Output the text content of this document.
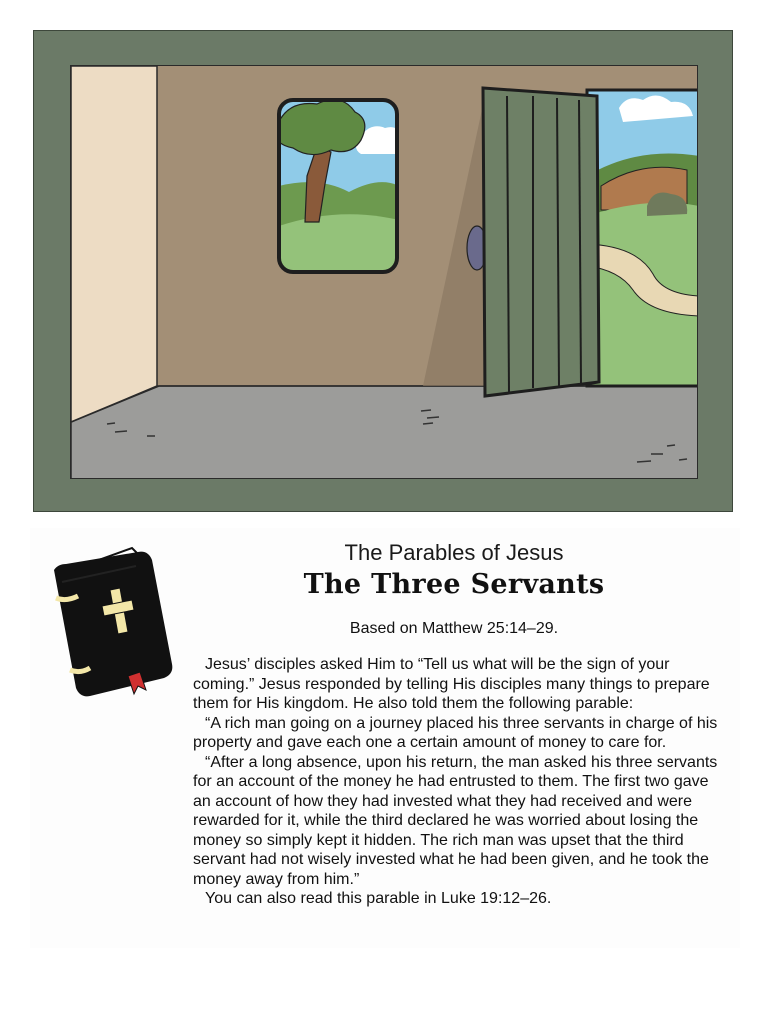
The Parables of Jesus
The Three Servants
Based on Matthew 25:14–29.

Jesus’ disciples asked Him to “Tell us what will be the sign of your coming.” Jesus responded by telling His disciples many things to prepare them for His kingdom. He also told them the following parable:

“A rich man going on a journey placed his three servants in charge of his property and gave each one a certain amount of money to care for.

“After a long absence, upon his return, the man asked his three servants for an account of the money he had entrusted to them. The first two gave an account of how they had invested what they had received and were rewarded for it, while the third declared he was worried about losing the money so simply kept it hidden. The rich man was upset that the third servant had not wisely invested what he had been given, and he took the money away from him.”

You can also read this parable in Luke 19:12–26.
